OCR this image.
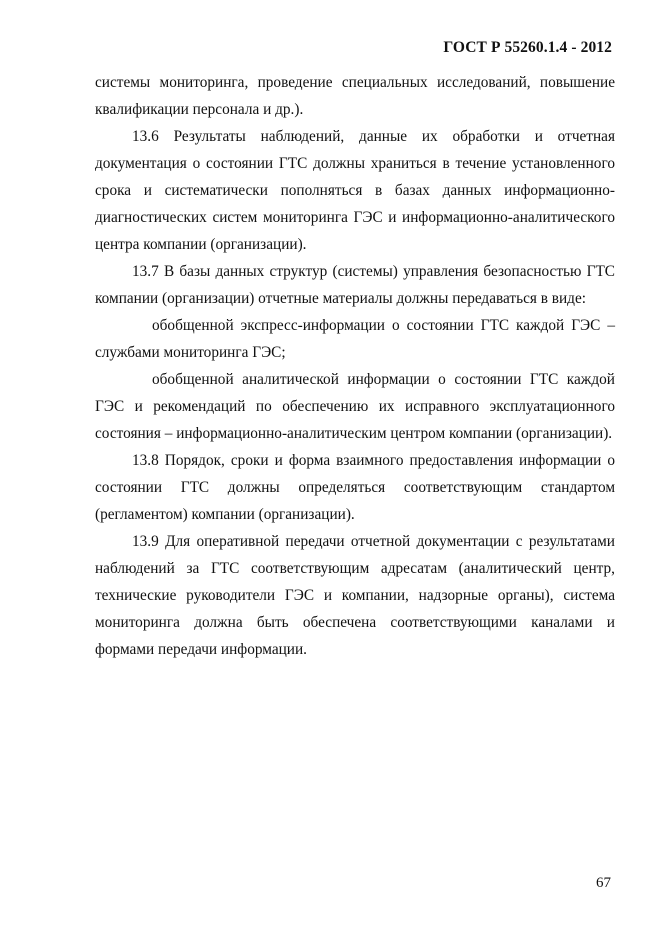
ГОСТ Р 55260.1.4 - 2012

системы мониторинга, проведение специальных исследований, повышение квалификации персонала и др.).

13.6 Результаты наблюдений, данные их обработки и отчетная документация о состоянии ГТС должны храниться в течение установленного срока и систематически пополняться в базах данных информационно-диагностических систем мониторинга ГЭС и информационно-аналитического центра компании (организации).

13.7 В базы данных структур (системы) управления безопасностью ГТС компании (организации) отчетные материалы должны передаваться в виде:

обобщенной экспресс-информации о состоянии ГТС каждой ГЭС – службами мониторинга ГЭС;

обобщенной аналитической информации о состоянии ГТС каждой ГЭС и рекомендаций по обеспечению их исправного эксплуатационного состояния – информационно-аналитическим центром компании (организации).

13.8 Порядок, сроки и форма взаимного предоставления информации о состоянии ГТС должны определяться соответствующим стандартом (регламентом) компании (организации).

13.9 Для оперативной передачи отчетной документации с результатами наблюдений за ГТС соответствующим адресатам (аналитический центр, технические руководители ГЭС и компании, надзорные органы), система мониторинга должна быть обеспечена соответствующими каналами и формами передачи информации.

67
